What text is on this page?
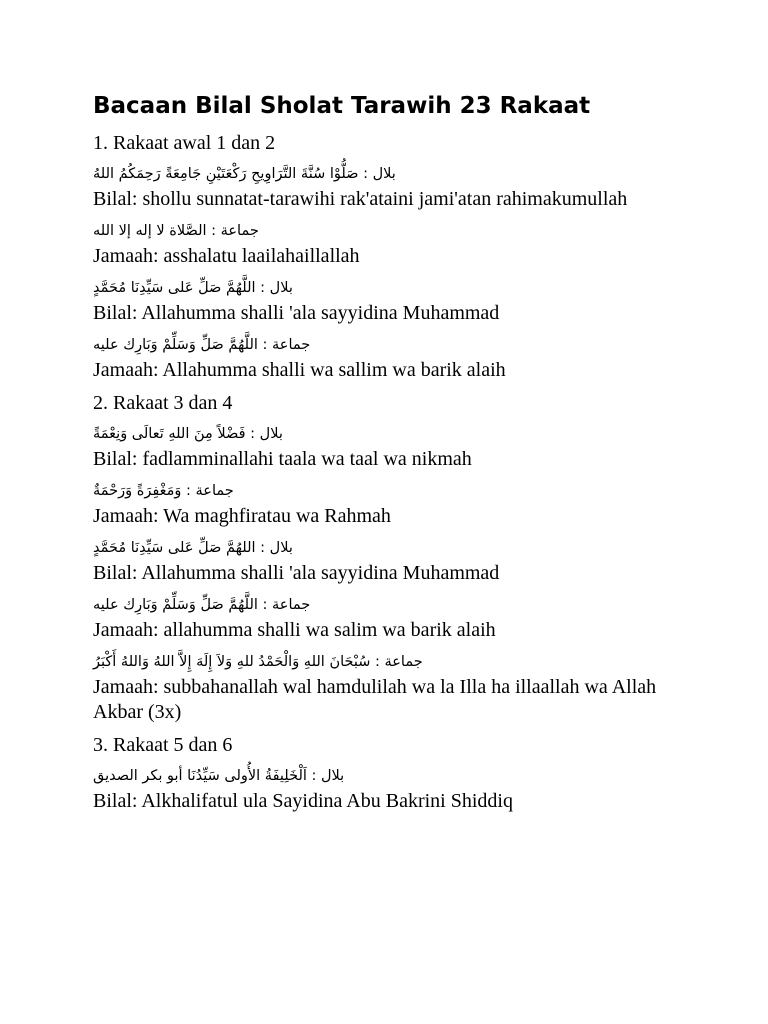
Bacaan Bilal Sholat Tarawih 23 Rakaat
1. Rakaat awal 1 dan 2
بلال : صَلُّوْا سُنَّةَ التَّرَاوِيحِ رَكْعَتَيْنِ جَامِعَةً رَحِمَكُمُ اللهُ
Bilal: shollu sunnatat-tarawihi rak'ataini jami'atan rahimakumullah
جماعة : الصَّلاة لا إله إلا الله
Jamaah: asshalatu laailahaillallah
بلال : اللَّهُمَّ صَلِّ عَلى سَيِّدِنَا مُحَمَّدٍ
Bilal: Allahumma shalli 'ala sayyidina Muhammad
جماعة : اللَّهُمَّ صَلِّ وَسَلِّمْ وَبَارِك عليه
Jamaah: Allahumma shalli wa sallim wa barik alaih
2. Rakaat 3 dan 4
بلال : فَضْلاً مِنَ اللهِ تَعالَى وَنِعْمَةً
Bilal: fadlamminallahi taala wa taal wa nikmah
جماعة : وَمَغْفِرَةً وَرَحْمَةٌ
Jamaah: Wa maghfiratau wa Rahmah
بلال : اللهُمَّ صَلِّ عَلى سَيِّدِنَا مُحَمَّدٍ
Bilal: Allahumma shalli 'ala sayyidina Muhammad
جماعة : اللَّهُمَّ صَلِّ وَسَلِّمْ وَبَارِك عليه
Jamaah: allahumma shalli wa salim wa barik alaih
جماعة : سُبْحَانَ اللهِ وَالْحَمْدُ للهِ وَلاَ إِلَهَ إِلاَّ اللهُ وَاللهُ أَكْبَرُ
Jamaah: subbahanallah wal hamdulilah wa la Illa ha illaallah wa Allah Akbar (3x)
3. Rakaat 5 dan 6
بلال : اَلْخَلِيفَةُ الأُولى سَيِّدُنَا أبو بكر الصديق
Bilal: Alkhalifatul ula Sayidina Abu Bakrini Shiddiq
